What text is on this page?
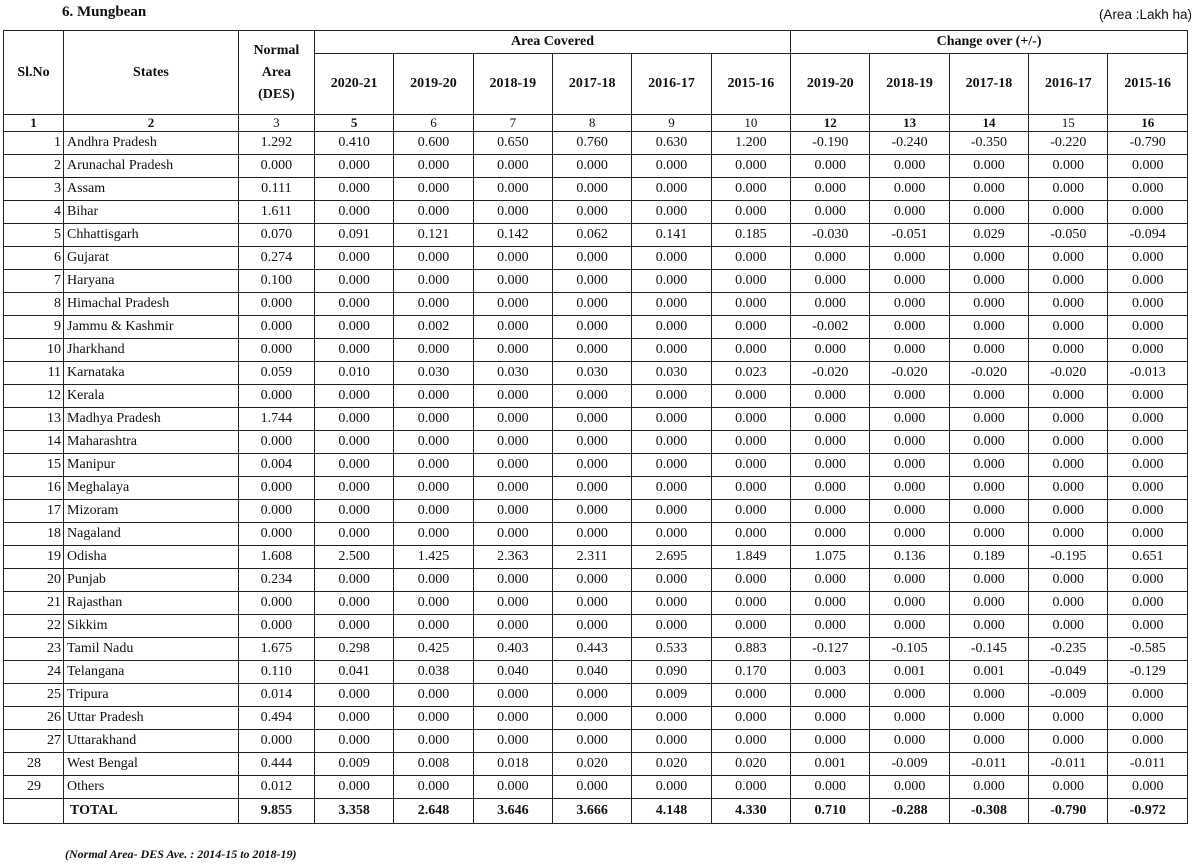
6. Mungbean	(Area :Lakh ha)
Sl.No	States	Normal Area (DES)	Area Covered						Change over (+/-)				
			2020-21	2019-20	2018-19	2017-18	2016-17	2015-16	2019-20	2018-19	2017-18	2016-17	2015-16
1	2	3	5	6	7	8	9	10	12	13	14	15	16
1	Andhra Pradesh	1.292	0.410	0.600	0.650	0.760	0.630	1.200	-0.190	-0.240	-0.350	-0.220	-0.790
2	Arunachal Pradesh	0.000	0.000	0.000	0.000	0.000	0.000	0.000	0.000	0.000	0.000	0.000	0.000
3	Assam	0.111	0.000	0.000	0.000	0.000	0.000	0.000	0.000	0.000	0.000	0.000	0.000
4	Bihar	1.611	0.000	0.000	0.000	0.000	0.000	0.000	0.000	0.000	0.000	0.000	0.000
5	Chhattisgarh	0.070	0.091	0.121	0.142	0.062	0.141	0.185	-0.030	-0.051	0.029	-0.050	-0.094
6	Gujarat	0.274	0.000	0.000	0.000	0.000	0.000	0.000	0.000	0.000	0.000	0.000	0.000
7	Haryana	0.100	0.000	0.000	0.000	0.000	0.000	0.000	0.000	0.000	0.000	0.000	0.000
8	Himachal Pradesh	0.000	0.000	0.000	0.000	0.000	0.000	0.000	0.000	0.000	0.000	0.000	0.000
9	Jammu & Kashmir	0.000	0.000	0.002	0.000	0.000	0.000	0.000	-0.002	0.000	0.000	0.000	0.000
10	Jharkhand	0.000	0.000	0.000	0.000	0.000	0.000	0.000	0.000	0.000	0.000	0.000	0.000
11	Karnataka	0.059	0.010	0.030	0.030	0.030	0.030	0.023	-0.020	-0.020	-0.020	-0.020	-0.013
12	Kerala	0.000	0.000	0.000	0.000	0.000	0.000	0.000	0.000	0.000	0.000	0.000	0.000
13	Madhya Pradesh	1.744	0.000	0.000	0.000	0.000	0.000	0.000	0.000	0.000	0.000	0.000	0.000
14	Maharashtra	0.000	0.000	0.000	0.000	0.000	0.000	0.000	0.000	0.000	0.000	0.000	0.000
15	Manipur	0.004	0.000	0.000	0.000	0.000	0.000	0.000	0.000	0.000	0.000	0.000	0.000
16	Meghalaya	0.000	0.000	0.000	0.000	0.000	0.000	0.000	0.000	0.000	0.000	0.000	0.000
17	Mizoram	0.000	0.000	0.000	0.000	0.000	0.000	0.000	0.000	0.000	0.000	0.000	0.000
18	Nagaland	0.000	0.000	0.000	0.000	0.000	0.000	0.000	0.000	0.000	0.000	0.000	0.000
19	Odisha	1.608	2.500	1.425	2.363	2.311	2.695	1.849	1.075	0.136	0.189	-0.195	0.651
20	Punjab	0.234	0.000	0.000	0.000	0.000	0.000	0.000	0.000	0.000	0.000	0.000	0.000
21	Rajasthan	0.000	0.000	0.000	0.000	0.000	0.000	0.000	0.000	0.000	0.000	0.000	0.000
22	Sikkim	0.000	0.000	0.000	0.000	0.000	0.000	0.000	0.000	0.000	0.000	0.000	0.000
23	Tamil Nadu	1.675	0.298	0.425	0.403	0.443	0.533	0.883	-0.127	-0.105	-0.145	-0.235	-0.585
24	Telangana	0.110	0.041	0.038	0.040	0.040	0.090	0.170	0.003	0.001	0.001	-0.049	-0.129
25	Tripura	0.014	0.000	0.000	0.000	0.000	0.009	0.000	0.000	0.000	0.000	-0.009	0.000
26	Uttar Pradesh	0.494	0.000	0.000	0.000	0.000	0.000	0.000	0.000	0.000	0.000	0.000	0.000
27	Uttarakhand	0.000	0.000	0.000	0.000	0.000	0.000	0.000	0.000	0.000	0.000	0.000	0.000
28	West Bengal	0.444	0.009	0.008	0.018	0.020	0.020	0.020	0.001	-0.009	-0.011	-0.011	-0.011
29	Others	0.012	0.000	0.000	0.000	0.000	0.000	0.000	0.000	0.000	0.000	0.000	0.000
	TOTAL	9.855	3.358	2.648	3.646	3.666	4.148	4.330	0.710	-0.288	-0.308	-0.790	-0.972
(Normal Area- DES Ave. : 2014-15 to 2018-19)
